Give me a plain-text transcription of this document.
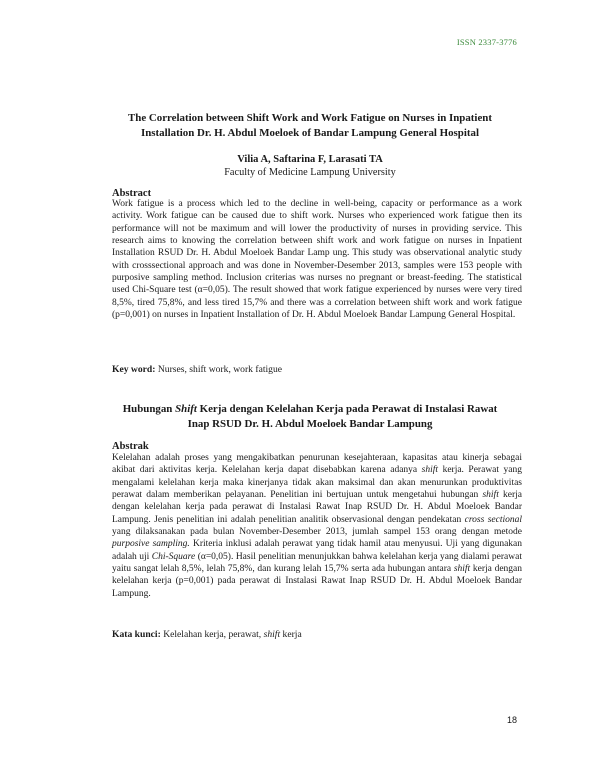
ISSN 2337-3776
The Correlation between Shift Work and Work Fatigue on Nurses in Inpatient
Installation Dr. H. Abdul Moeloek of Bandar Lampung General Hospital
Vilia A, Saftarina F, Larasati TA
Faculty of Medicine Lampung University
Abstract

Work fatigue is a process which led to the decline in well-being, capacity or performance as a work activity. Work fatigue can be caused due to shift work. Nurses who experienced work fatigue then its performance will not be maximum and will lower the productivity of nurses in providing service. This research aims to knowing the correlation between shift work and work fatigue on nurses in Inpatient Installation RSUD Dr. H. Abdul Moeloek Bandar Lamp ung. This study was observational analytic study with crosssectional approach and was done in November-Desember 2013, samples were 153 people with purposive sampling method. Inclusion criterias was nurses no pregnant or breast-feeding. The statistical used Chi-Square test (α=0,05). The result showed that work fatigue experienced by nurses were very tired 8,5%, tired 75,8%, and less tired 15,7% and there was a correlation between shift work and work fatigue (p=0,001) on nurses in Inpatient Installation of Dr. H. Abdul Moeloek Bandar Lampung General Hospital.

Key word: Nurses, shift work, work fatigue
Hubungan Shift Kerja dengan Kelelahan Kerja pada Perawat di Instalasi Rawat
Inap RSUD Dr. H. Abdul Moeloek Bandar Lampung
Abstrak

Kelelahan adalah proses yang mengakibatkan penurunan kesejahteraan, kapasitas atau kinerja sebagai akibat dari aktivitas kerja. Kelelahan kerja dapat disebabkan karena adanya shift kerja. Perawat yang mengalami kelelahan kerja maka kinerjanya tidak akan maksimal dan akan menurunkan produktivitas perawat dalam memberikan pelayanan. Penelitian ini bertujuan untuk mengetahui hubungan shift kerja dengan kelelahan kerja pada perawat di Instalasi Rawat Inap RSUD Dr. H. Abdul Moeloek Bandar Lampung. Jenis penelitian ini adalah penelitian analitik observasional dengan pendekatan cross sectional yang dilaksanakan pada bulan November-Desember 2013, jumlah sampel 153 orang dengan metode purposive sampling. Kriteria inklusi adalah perawat yang tidak hamil atau menyusui. Uji yang digunakan adalah uji Chi-Square (α=0,05). Hasil penelitian menunjukkan bahwa kelelahan kerja yang dialami perawat yaitu sangat lelah 8,5%, lelah 75,8%, dan kurang lelah 15,7% serta ada hubungan antara shift kerja dengan kelelahan kerja (p=0,001) pada perawat di Instalasi Rawat Inap RSUD Dr. H. Abdul Moeloek Bandar Lampung.

Kata kunci: Kelelahan kerja, perawat, shift kerja
18
